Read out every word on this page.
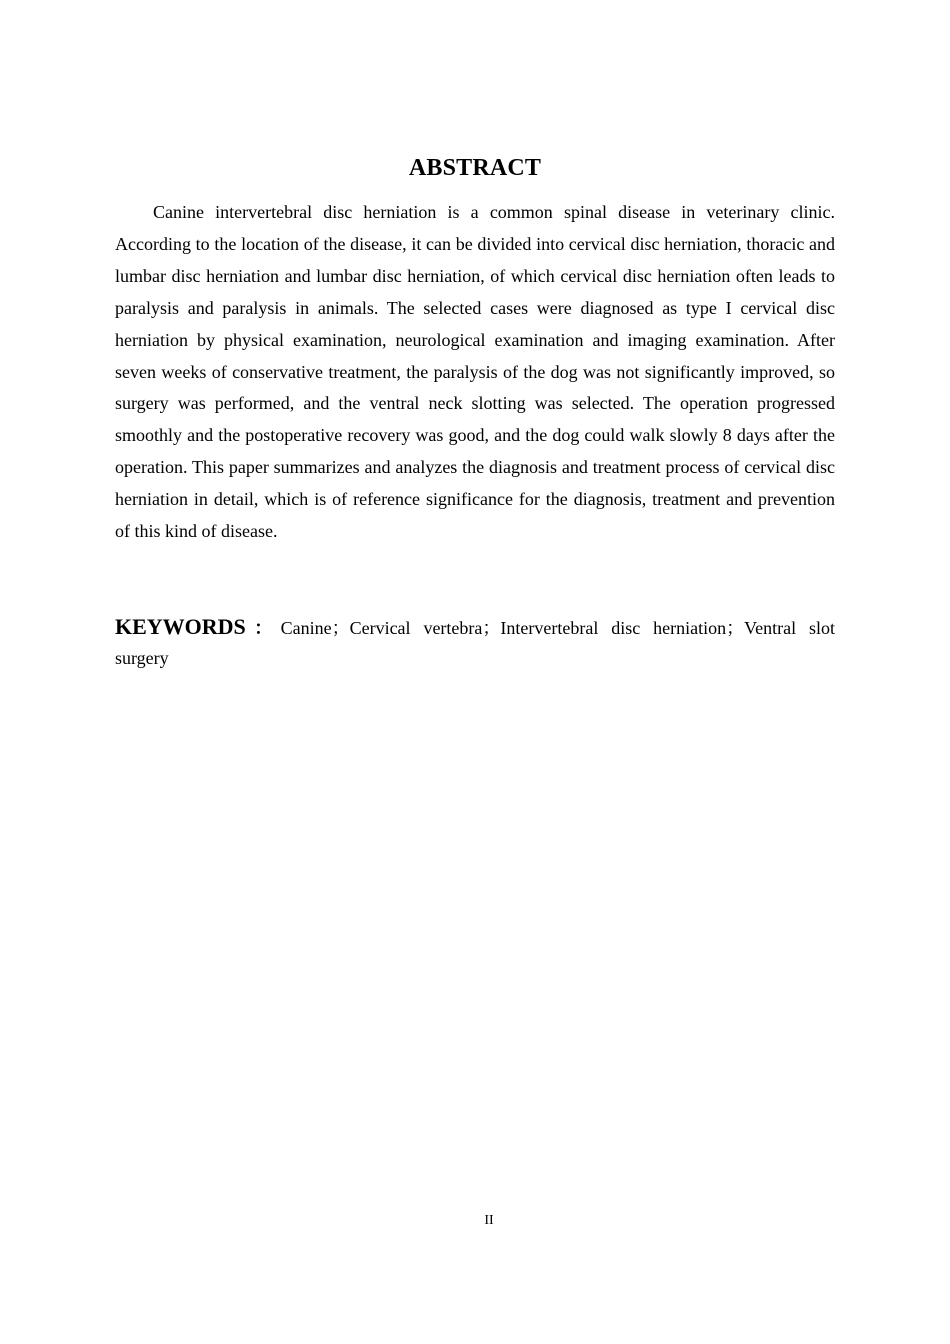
ABSTRACT

Canine intervertebral disc herniation is a common spinal disease in veterinary clinic. According to the location of the disease, it can be divided into cervical disc herniation, thoracic and lumbar disc herniation and lumbar disc herniation, of which cervical disc herniation often leads to paralysis and paralysis in animals. The selected cases were diagnosed as type I cervical disc herniation by physical examination, neurological examination and imaging examination. After seven weeks of conservative treatment, the paralysis of the dog was not significantly improved, so surgery was performed, and the ventral neck slotting was selected. The operation progressed smoothly and the postoperative recovery was good, and the dog could walk slowly 8 days after the operation. This paper summarizes and analyzes the diagnosis and treatment process of cervical disc herniation in detail, which is of reference significance for the diagnosis, treatment and prevention of this kind of disease.

KEYWORDS：Canine；Cervical vertebra；Intervertebral disc herniation；Ventral slot surgery

II
